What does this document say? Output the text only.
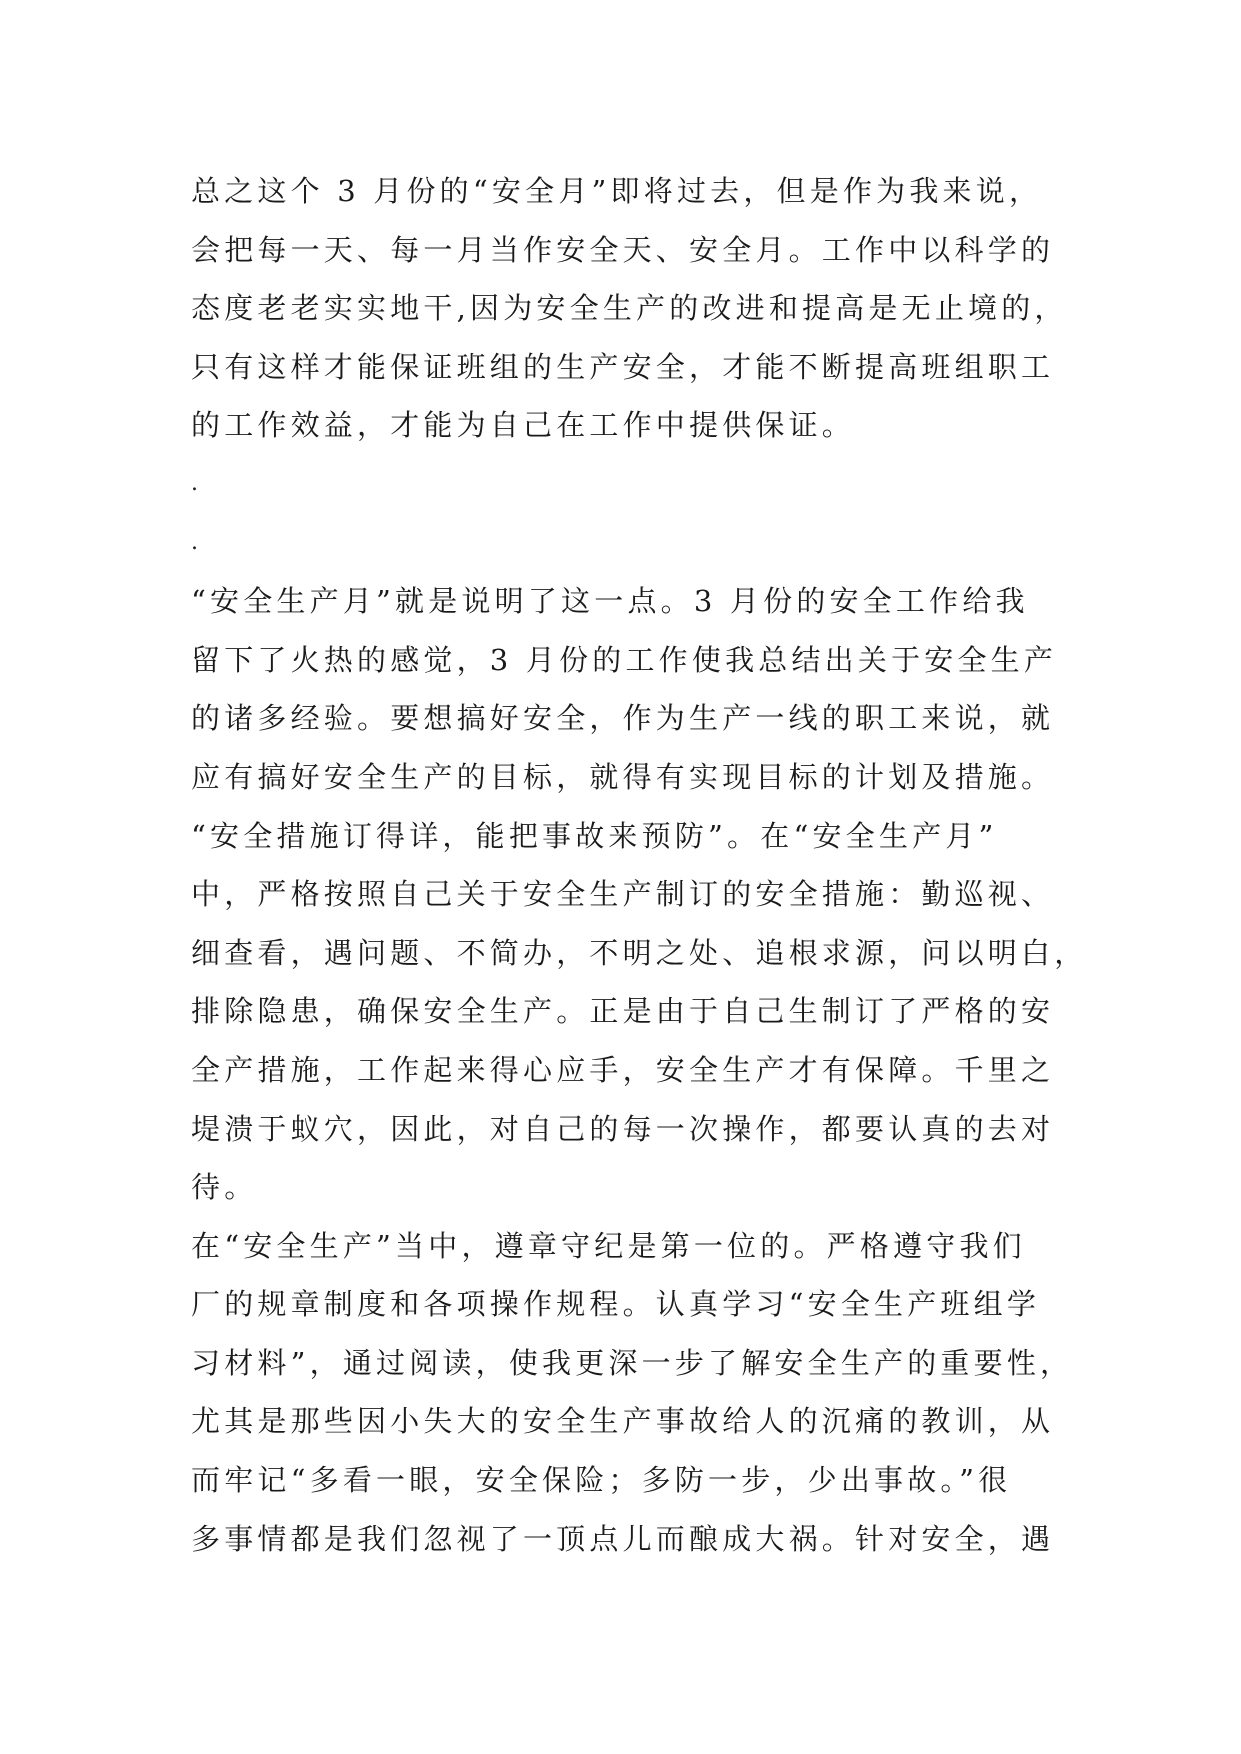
总之这个 3 月份的“安全月”即将过去，但是作为我来说，
会把每一天、每一月当作安全天、安全月。工作中以科学的
态度老老实实地干,因为安全生产的改进和提高是无止境的，
只有这样才能保证班组的生产安全，才能不断提高班组职工
的工作效益，才能为自己在工作中提供保证。
.
.
“安全生产月”就是说明了这一点。3 月份的安全工作给我
留下了火热的感觉，3 月份的工作使我总结出关于安全生产
的诸多经验。要想搞好安全，作为生产一线的职工来说，就
应有搞好安全生产的目标，就得有实现目标的计划及措施。
“安全措施订得详，能把事故来预防”。在“安全生产月”
中，严格按照自己关于安全生产制订的安全措施：勤巡视、
细查看，遇问题、不简办，不明之处、追根求源，问以明白，
排除隐患，确保安全生产。正是由于自己生制订了严格的安
全产措施，工作起来得心应手，安全生产才有保障。千里之
堤溃于蚁穴，因此，对自己的每一次操作，都要认真的去对
待。
在“安全生产”当中，遵章守纪是第一位的。严格遵守我们
厂的规章制度和各项操作规程。认真学习“安全生产班组学
习材料”，通过阅读，使我更深一步了解安全生产的重要性，
尤其是那些因小失大的安全生产事故给人的沉痛的教训，从
而牢记“多看一眼，安全保险；多防一步，少出事故。”很
多事情都是我们忽视了一顶点儿而酿成大祸。针对安全，遇
